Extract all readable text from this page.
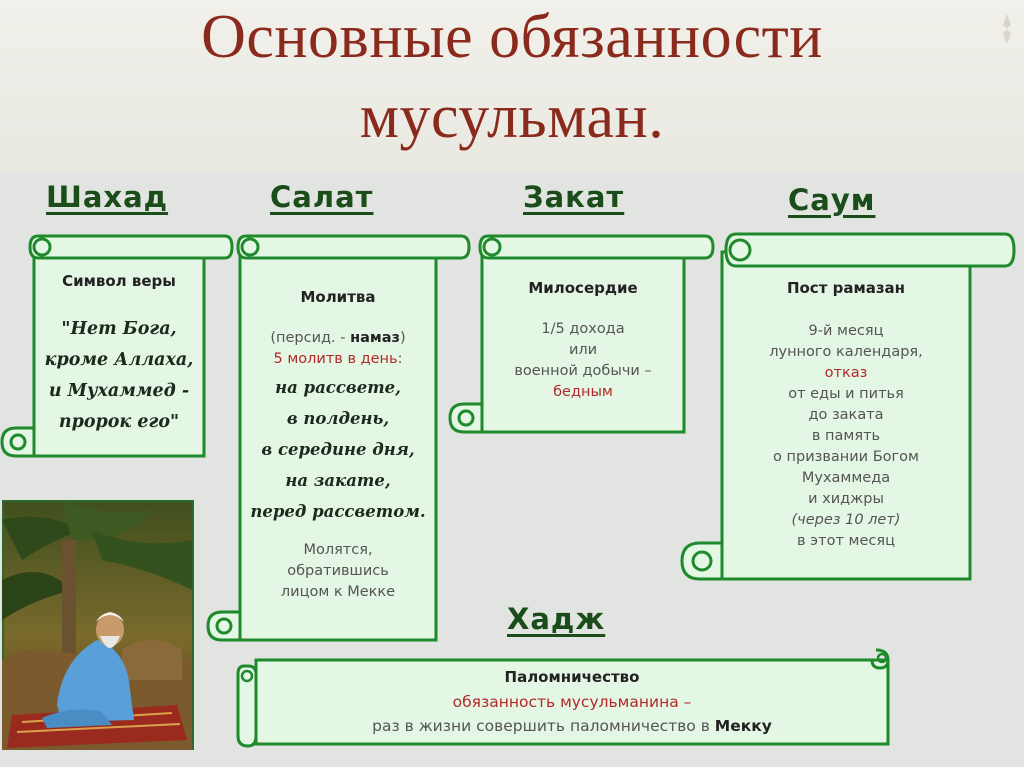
Основные обязанности
мусульман.
Шахад	Салат	Закат	Саум
Хадж
Символ веры
"Нет Бога,
кроме Аллаха,
и Мухаммед -
пророк его"
Молитва
(персид. - намаз)
5 молитв в день:
на рассвете,
в полдень,
в середине дня,
на закате,
перед рассветом.
Молятся,
обратившись
лицом к Мекке
Милосердие
1/5 дохода
или
военной добычи –
бедным
Пост рамазан
9-й месяц
лунного календаря,
отказ
от еды и питья
до заката
в память
о призвании Богом
Мухаммеда
и хиджры
(через 10 лет)
в этот месяц
Паломничество
обязанность мусульманина –
раз в жизни совершить паломничество в Мекку
